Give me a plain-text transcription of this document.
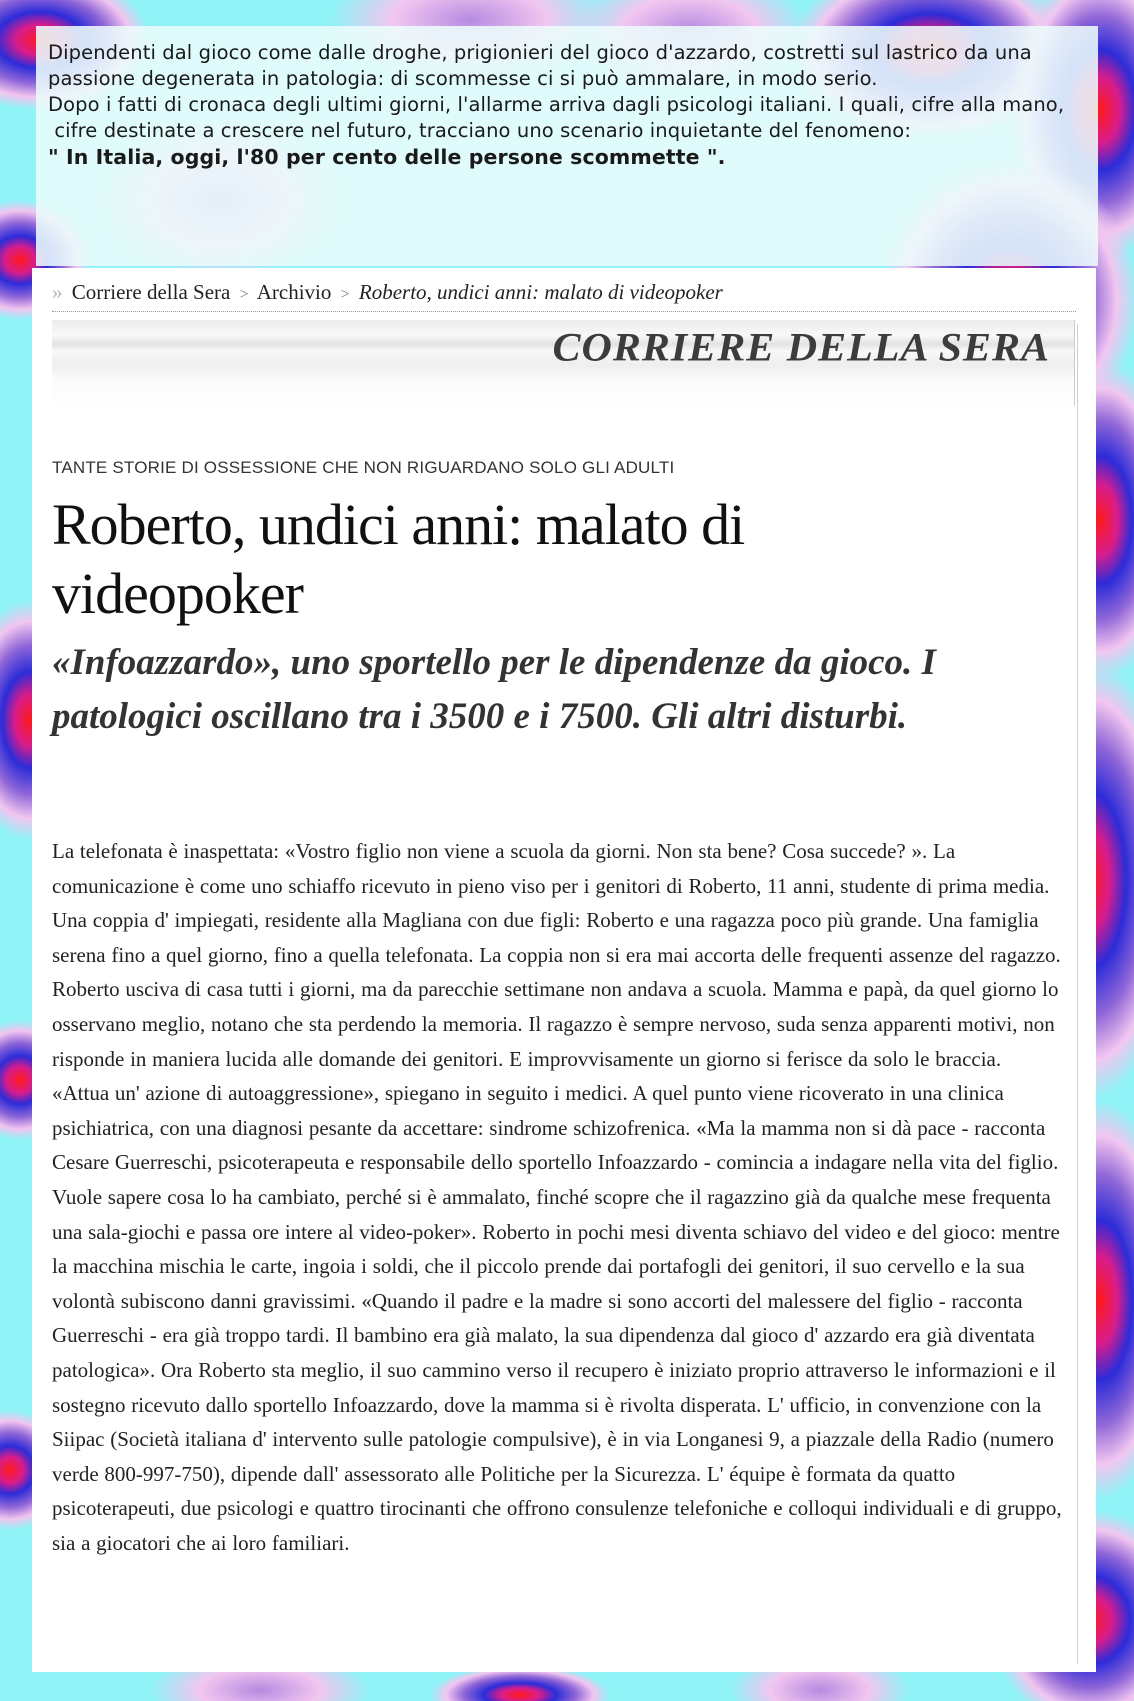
Dipendenti dal gioco come dalle droghe, prigionieri del gioco d'azzardo, costretti sul lastrico da una

passione degenerata in patologia: di scommesse ci si può ammalare, in modo serio.

Dopo i fatti di cronaca degli ultimi giorni, l'allarme arriva dagli psicologi italiani. I quali, cifre alla mano,

cifre destinate a crescere nel futuro, tracciano uno scenario inquietante del fenomeno:

" In Italia, oggi, l'80 per cento delle persone scommette ".

» Corriere della Sera > Archivio > Roberto, undici anni: malato di videopoker
CORRIERE DELLA SERA
TANTE STORIE DI OSSESSIONE CHE NON RIGUARDANO SOLO GLI ADULTI
Roberto, undici anni: malato di videopoker
«Infoazzardo», uno sportello per le dipendenze da gioco. I patologici oscillano tra i 3500 e i 7500. Gli altri disturbi.

La telefonata è inaspettata: «Vostro figlio non viene a scuola da giorni. Non sta bene? Cosa succede? ». La comunicazione è come uno schiaffo ricevuto in pieno viso per i genitori di Roberto, 11 anni, studente di prima media. Una coppia d' impiegati, residente alla Magliana con due figli: Roberto e una ragazza poco più grande. Una famiglia serena fino a quel giorno, fino a quella telefonata. La coppia non si era mai accorta delle frequenti assenze del ragazzo. Roberto usciva di casa tutti i giorni, ma da parecchie settimane non andava a scuola. Mamma e papà, da quel giorno lo osservano meglio, notano che sta perdendo la memoria. Il ragazzo è sempre nervoso, suda senza apparenti motivi, non risponde in maniera lucida alle domande dei genitori. E improvvisamente un giorno si ferisce da solo le braccia. «Attua un' azione di autoaggressione», spiegano in seguito i medici. A quel punto viene ricoverato in una clinica psichiatrica, con una diagnosi pesante da accettare: sindrome schizofrenica. «Ma la mamma non si dà pace - racconta Cesare Guerreschi, psicoterapeuta e responsabile dello sportello Infoazzardo - comincia a indagare nella vita del figlio. Vuole sapere cosa lo ha cambiato, perché si è ammalato, finché scopre che il ragazzino già da qualche mese frequenta una sala-giochi e passa ore intere al video-poker». Roberto in pochi mesi diventa schiavo del video e del gioco: mentre la macchina mischia le carte, ingoia i soldi, che il piccolo prende dai portafogli dei genitori, il suo cervello e la sua volontà subiscono danni gravissimi. «Quando il padre e la madre si sono accorti del malessere del figlio - racconta Guerreschi - era già troppo tardi. Il bambino era già malato, la sua dipendenza dal gioco d' azzardo era già diventata patologica». Ora Roberto sta meglio, il suo cammino verso il recupero è iniziato proprio attraverso le informazioni e il sostegno ricevuto dallo sportello Infoazzardo, dove la mamma si è rivolta disperata. L' ufficio, in convenzione con la Siipac (Società italiana d' intervento sulle patologie compulsive), è in via Longanesi 9, a piazzale della Radio (numero verde 800-997-750), dipende dall' assessorato alle Politiche per la Sicurezza. L' équipe è formata da quatto psicoterapeuti, due psicologi e quattro tirocinanti che offrono consulenze telefoniche e colloqui individuali e di gruppo, sia a giocatori che ai loro familiari.
